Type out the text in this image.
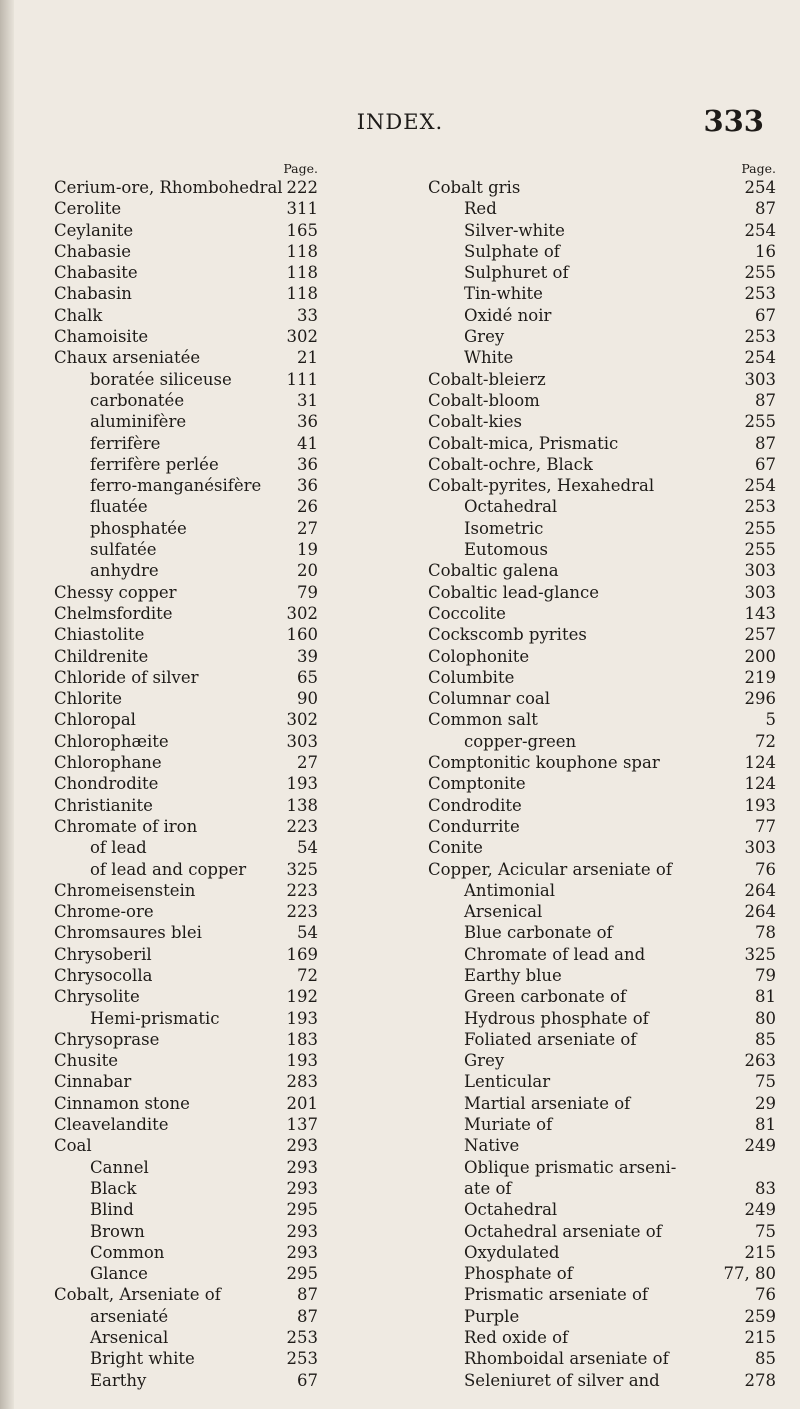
INDEX.	333
Page.
Cerium-ore, Rhombohedral 222
Cerolite	311
Ceylanite	165
Chabasie	118
Chabasite	118
Chabasin	118
Chalk	33
Chamoisite	302
Chaux arseniatée	21
boratée siliceuse	111
carbonatée	31
aluminifère	36
ferrifère	41
ferrifère perlée	36
ferro-manganésifère 36
fluatée	26
phosphatée	27
sulfatée	19
anhydre	20
Chessy copper	79
Chelmsfordite	302
Chiastolite	160
Childrenite	39
Chloride of silver	65
Chlorite	90
Chloropal	302
Chlorophæite	303
Chlorophane	27
Chondrodite	193
Christianite	138
Chromate of iron	223
of lead	54
of lead and copper 325
Chromeisenstein	223
Chrome-ore	223
Chromsaures blei	54
Chrysoberil	169
Chrysocolla	72
Chrysolite	192
Hemi-prismatic	193
Chrysoprase	183
Chusite	193
Cinnabar	283
Cinnamon stone	201
Cleavelandite	137
Coal	293
Cannel	293
Black	293
Blind	295
Brown	293
Common	293
Glance	295
Cobalt, Arseniate of	87
arseniaté	87
Arsenical	253
Bright white	253
Earthy	67
Page.
Cobalt gris	254
Red	87
Silver-white	254
Sulphate of	16
Sulphuret of	255
Tin-white	253
Oxidé noir	67
Grey	253
White	254
Cobalt-bleierz	303
Cobalt-bloom	87
Cobalt-kies	255
Cobalt-mica, Prismatic	87
Cobalt-ochre, Black	67
Cobalt-pyrites, Hexahedral	254
Octahedral	253
Isometric	255
Eutomous	255
Cobaltic galena	303
Cobaltic lead-glance	303
Coccolite	143
Cockscomb pyrites	257
Colophonite	200
Columbite	219
Columnar coal	296
Common salt	5
copper-green	72
Comptonitic kouphone spar	124
Comptonite	124
Condrodite	193
Condurrite	77
Conite	303
Copper, Acicular arseniate of	76
Antimonial	264
Arsenical	264
Blue carbonate of	78
Chromate of lead and	325
Earthy blue	79
Green carbonate of	81
Hydrous phosphate of	80
Foliated arseniate of	85
Grey	263
Lenticular	75
Martial arseniate of	29
Muriate of	81
Native	249
Oblique prismatic arseni-
ate of	83
Octahedral	249
Octahedral arseniate of	75
Oxydulated	215
Phosphate of	77, 80
Prismatic arseniate of	76
Purple	259
Red oxide of	215
Rhomboidal arseniate of	85
Seleniuret of silver and	278
